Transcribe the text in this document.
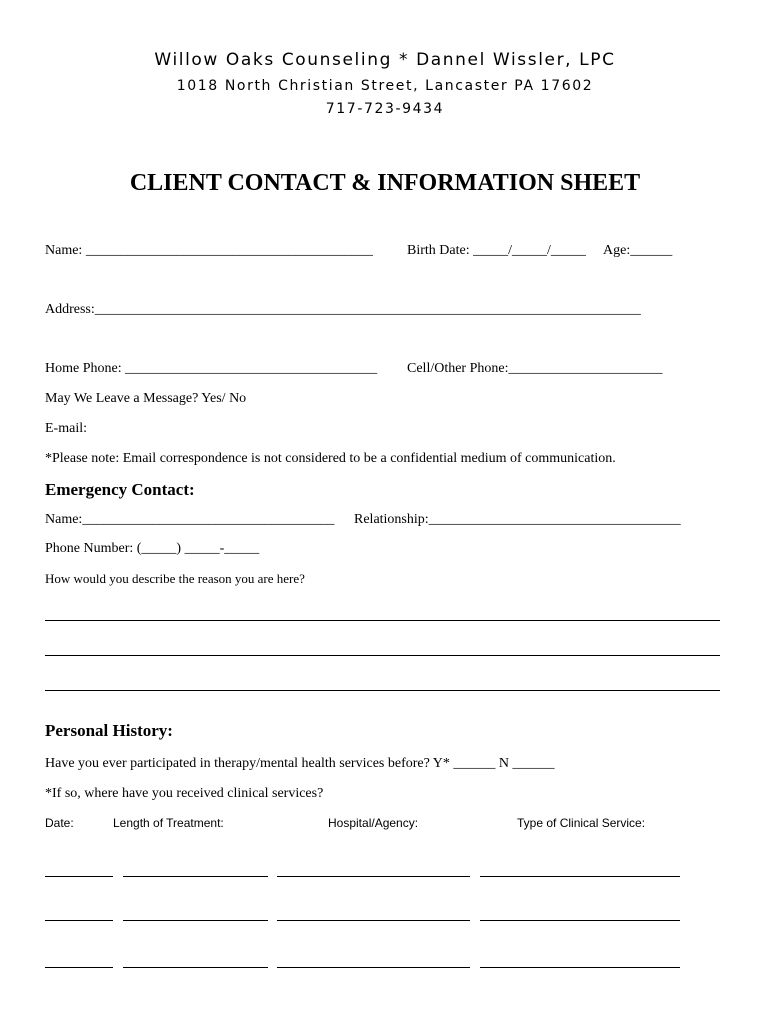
Willow Oaks Counseling * Dannel Wissler, LPC
1018 North Christian Street, Lancaster PA 17602
717-723-9434
CLIENT CONTACT & INFORMATION SHEET
Name: _________________________________________ Birth Date: _____/_____/_____ Age:______
Address:______________________________________________________________________________
Home Phone: ____________________________________ Cell/Other Phone:______________________
May We Leave a Message? Yes/ No
E-mail:
*Please note: Email correspondence is not considered to be a confidential medium of communication.
Emergency Contact:
Name:____________________________________ Relationship:____________________________________
Phone Number: (_____) _____-_____
How would you describe the reason you are here?
Personal History:
Have you ever participated in therapy/mental health services before? Y* ______ N ______
*If so, where have you received clinical services?
Date:	Length of Treatment:	Hospital/Agency:	Type of Clinical Service:
